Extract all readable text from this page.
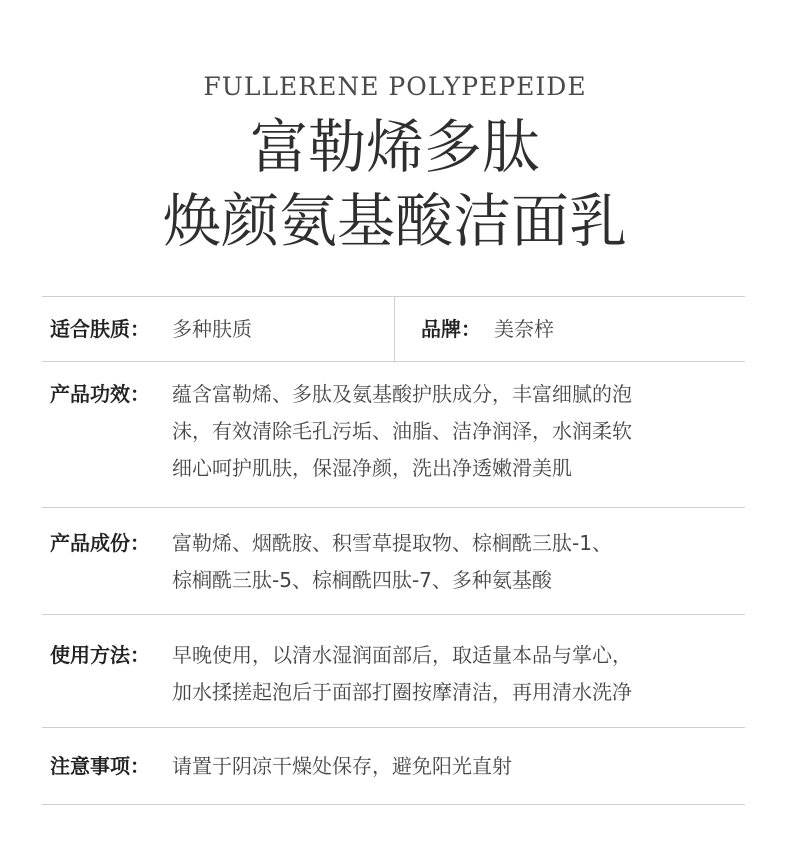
FULLERENE POLYPEPEIDE
富勒烯多肽
焕颜氨基酸洁面乳
适合肤质： 多种肤质	品牌： 美奈梓
产品功效： 蕴含富勒烯、多肽及氨基酸护肤成分，丰富细腻的泡
沫，有效清除毛孔污垢、油脂、洁净润泽，水润柔软
细心呵护肌肤，保湿净颜，洗出净透嫩滑美肌
产品成份： 富勒烯、烟酰胺、积雪草提取物、棕榈酰三肽-1、
棕榈酰三肽-5、棕榈酰四肽-7、多种氨基酸
使用方法： 早晚使用，以清水湿润面部后，取适量本品与掌心，
加水揉搓起泡后于面部打圈按摩清洁，再用清水洗净
注意事项： 请置于阴凉干燥处保存，避免阳光直射
